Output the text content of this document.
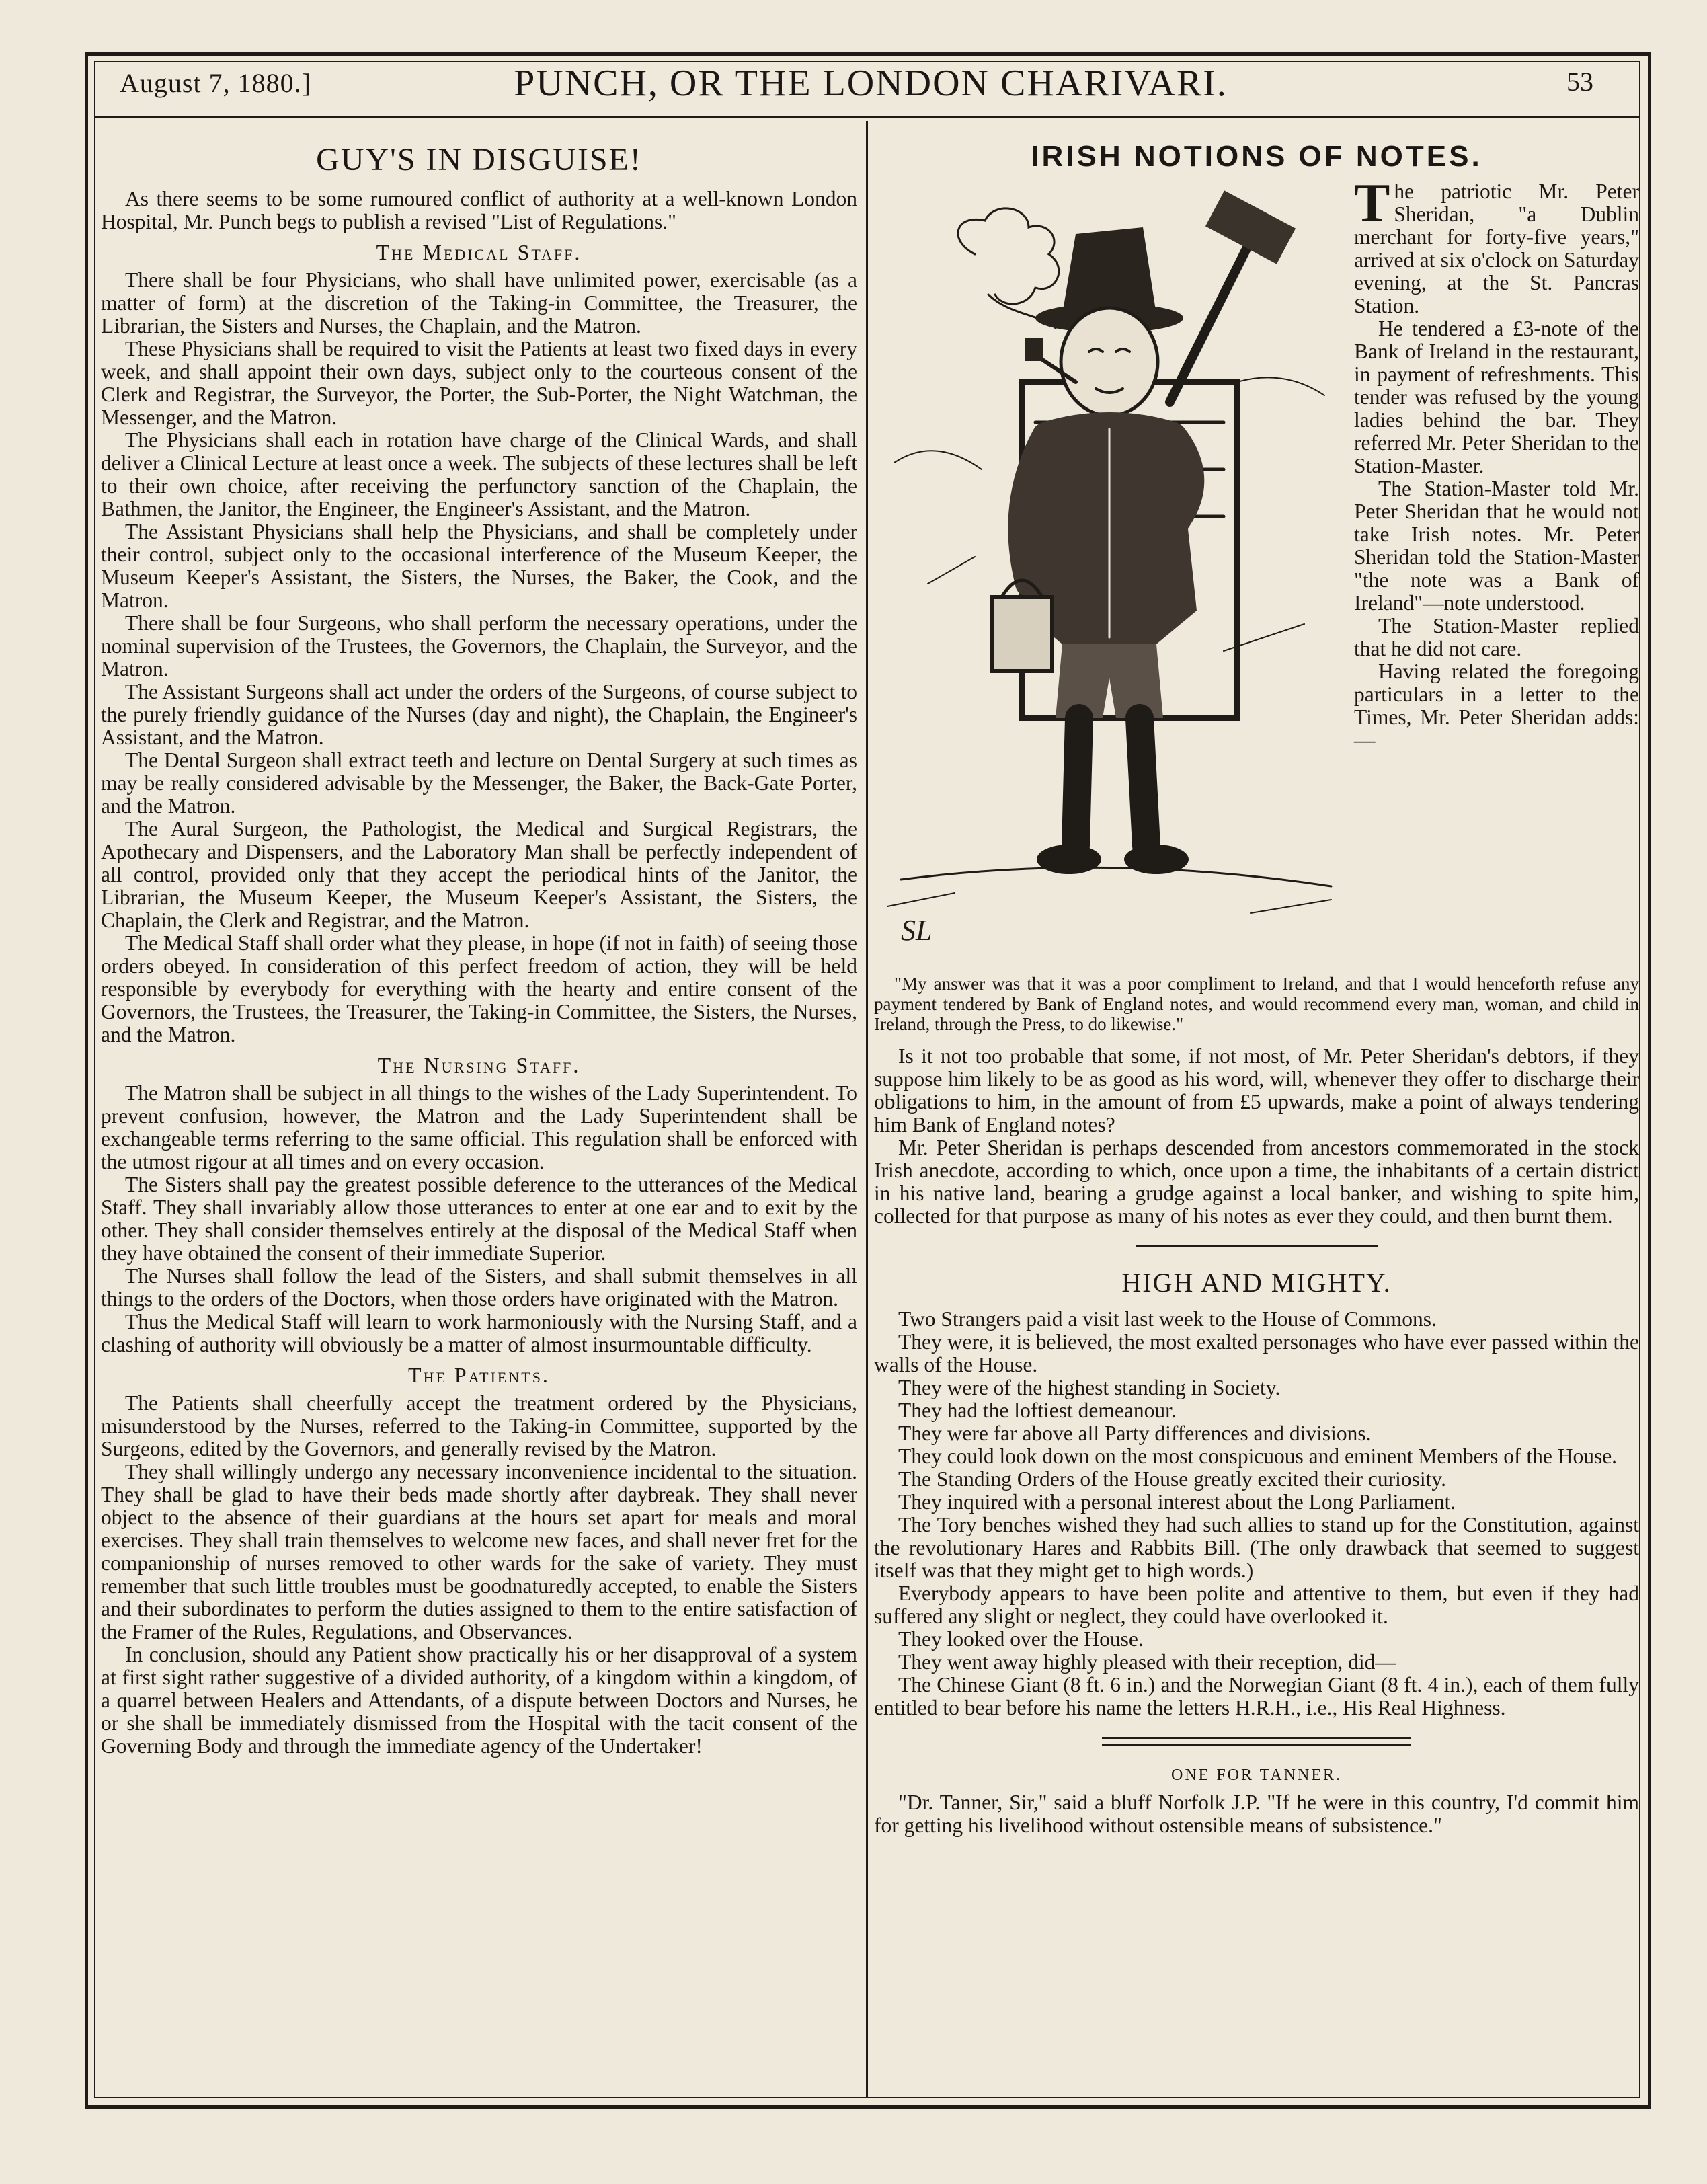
August 7, 1880.]	PUNCH, OR THE LONDON CHARIVARI.	53
GUY'S IN DISGUISE!

As there seems to be some rumoured conflict of authority at a well-known London Hospital, Mr. Punch begs to publish a revised "List of Regulations."

The Medical Staff.

There shall be four Physicians, who shall have unlimited power, exercisable (as a matter of form) at the discretion of the Taking-in Committee, the Treasurer, the Librarian, the Sisters and Nurses, the Chaplain, and the Matron.

These Physicians shall be required to visit the Patients at least two fixed days in every week, and shall appoint their own days, subject only to the courteous consent of the Clerk and Registrar, the Surveyor, the Porter, the Sub-Porter, the Night Watchman, the Messenger, and the Matron.

The Physicians shall each in rotation have charge of the Clinical Wards, and shall deliver a Clinical Lecture at least once a week. The subjects of these lectures shall be left to their own choice, after receiving the perfunctory sanction of the Chaplain, the Bathmen, the Janitor, the Engineer, the Engineer's Assistant, and the Matron.

The Assistant Physicians shall help the Physicians, and shall be completely under their control, subject only to the occasional interference of the Museum Keeper, the Museum Keeper's Assistant, the Sisters, the Nurses, the Baker, the Cook, and the Matron.

There shall be four Surgeons, who shall perform the necessary operations, under the nominal supervision of the Trustees, the Governors, the Chaplain, the Surveyor, and the Matron.

The Assistant Surgeons shall act under the orders of the Surgeons, of course subject to the purely friendly guidance of the Nurses (day and night), the Chaplain, the Engineer's Assistant, and the Matron.

The Dental Surgeon shall extract teeth and lecture on Dental Surgery at such times as may be really considered advisable by the Messenger, the Baker, the Back-Gate Porter, and the Matron.

The Aural Surgeon, the Pathologist, the Medical and Surgical Registrars, the Apothecary and Dispensers, and the Laboratory Man shall be perfectly independent of all control, provided only that they accept the periodical hints of the Janitor, the Librarian, the Museum Keeper, the Museum Keeper's Assistant, the Sisters, the Chaplain, the Clerk and Registrar, and the Matron.

The Medical Staff shall order what they please, in hope (if not in faith) of seeing those orders obeyed. In consideration of this perfect freedom of action, they will be held responsible by everybody for everything with the hearty and entire consent of the Governors, the Trustees, the Treasurer, the Taking-in Committee, the Sisters, the Nurses, and the Matron.

The Nursing Staff.

The Matron shall be subject in all things to the wishes of the Lady Superintendent. To prevent confusion, however, the Matron and the Lady Superintendent shall be exchangeable terms referring to the same official. This regulation shall be enforced with the utmost rigour at all times and on every occasion.

The Sisters shall pay the greatest possible deference to the utterances of the Medical Staff. They shall invariably allow those utterances to enter at one ear and to exit by the other. They shall consider themselves entirely at the disposal of the Medical Staff when they have obtained the consent of their immediate Superior.

The Nurses shall follow the lead of the Sisters, and shall submit themselves in all things to the orders of the Doctors, when those orders have originated with the Matron.

Thus the Medical Staff will learn to work harmoniously with the Nursing Staff, and a clashing of authority will obviously be a matter of almost insurmountable difficulty.

The Patients.

The Patients shall cheerfully accept the treatment ordered by the Physicians, misunderstood by the Nurses, referred to the Taking-in Committee, supported by the Surgeons, edited by the Governors, and generally revised by the Matron.

They shall willingly undergo any necessary inconvenience incidental to the situation. They shall be glad to have their beds made shortly after daybreak. They shall never object to the absence of their guardians at the hours set apart for meals and moral exercises. They shall train themselves to welcome new faces, and shall never fret for the companionship of nurses removed to other wards for the sake of variety. They must remember that such little troubles must be goodnaturedly accepted, to enable the Sisters and their subordinates to perform the duties assigned to them to the entire satisfaction of the Framer of the Rules, Regulations, and Observances.

In conclusion, should any Patient show practically his or her disapproval of a system at first sight rather suggestive of a divided authority, of a kingdom within a kingdom, of a quarrel between Healers and Attendants, of a dispute between Doctors and Nurses, he or she shall be immediately dismissed from the Hospital with the tacit consent of the Governing Body and through the immediate agency of the Undertaker!

IRISH NOTIONS OF NOTES.
SL

The patriotic Mr. Peter Sheridan, "a Dublin merchant for forty-five years," arrived at six o'clock on Saturday evening, at the St. Pancras Station.

He tendered a £3-note of the Bank of Ireland in the restaurant, in payment of refreshments. This tender was refused by the young ladies behind the bar. They referred Mr. Peter Sheridan to the Station-Master.

The Station-Master told Mr. Peter Sheridan that he would not take Irish notes. Mr. Peter Sheridan told the Station-Master "the note was a Bank of Ireland"—note understood.

The Station-Master replied that he did not care.

Having related the foregoing particulars in a letter to the Times, Mr. Peter Sheridan adds:—

"My answer was that it was a poor compliment to Ireland, and that I would henceforth refuse any payment tendered by Bank of England notes, and would recommend every man, woman, and child in Ireland, through the Press, to do likewise."

Is it not too probable that some, if not most, of Mr. Peter Sheridan's debtors, if they suppose him likely to be as good as his word, will, whenever they offer to discharge their obligations to him, in the amount of from £5 upwards, make a point of always tendering him Bank of England notes?

Mr. Peter Sheridan is perhaps descended from ancestors commemorated in the stock Irish anecdote, according to which, once upon a time, the inhabitants of a certain district in his native land, bearing a grudge against a local banker, and wishing to spite him, collected for that purpose as many of his notes as ever they could, and then burnt them.

HIGH AND MIGHTY.

Two Strangers paid a visit last week to the House of Commons.

They were, it is believed, the most exalted personages who have ever passed within the walls of the House.

They were of the highest standing in Society.

They had the loftiest demeanour.

They were far above all Party differences and divisions.

They could look down on the most conspicuous and eminent Members of the House.

The Standing Orders of the House greatly excited their curiosity.

They inquired with a personal interest about the Long Parliament.

The Tory benches wished they had such allies to stand up for the Constitution, against the revolutionary Hares and Rabbits Bill. (The only drawback that seemed to suggest itself was that they might get to high words.)

Everybody appears to have been polite and attentive to them, but even if they had suffered any slight or neglect, they could have overlooked it.

They looked over the House.

They went away highly pleased with their reception, did—

The Chinese Giant (8 ft. 6 in.) and the Norwegian Giant (8 ft. 4 in.), each of them fully entitled to bear before his name the letters H.R.H., i.e., His Real Highness.

ONE FOR TANNER.

"Dr. Tanner, Sir," said a bluff Norfolk J.P. "If he were in this country, I'd commit him for getting his livelihood without ostensible means of subsistence."
